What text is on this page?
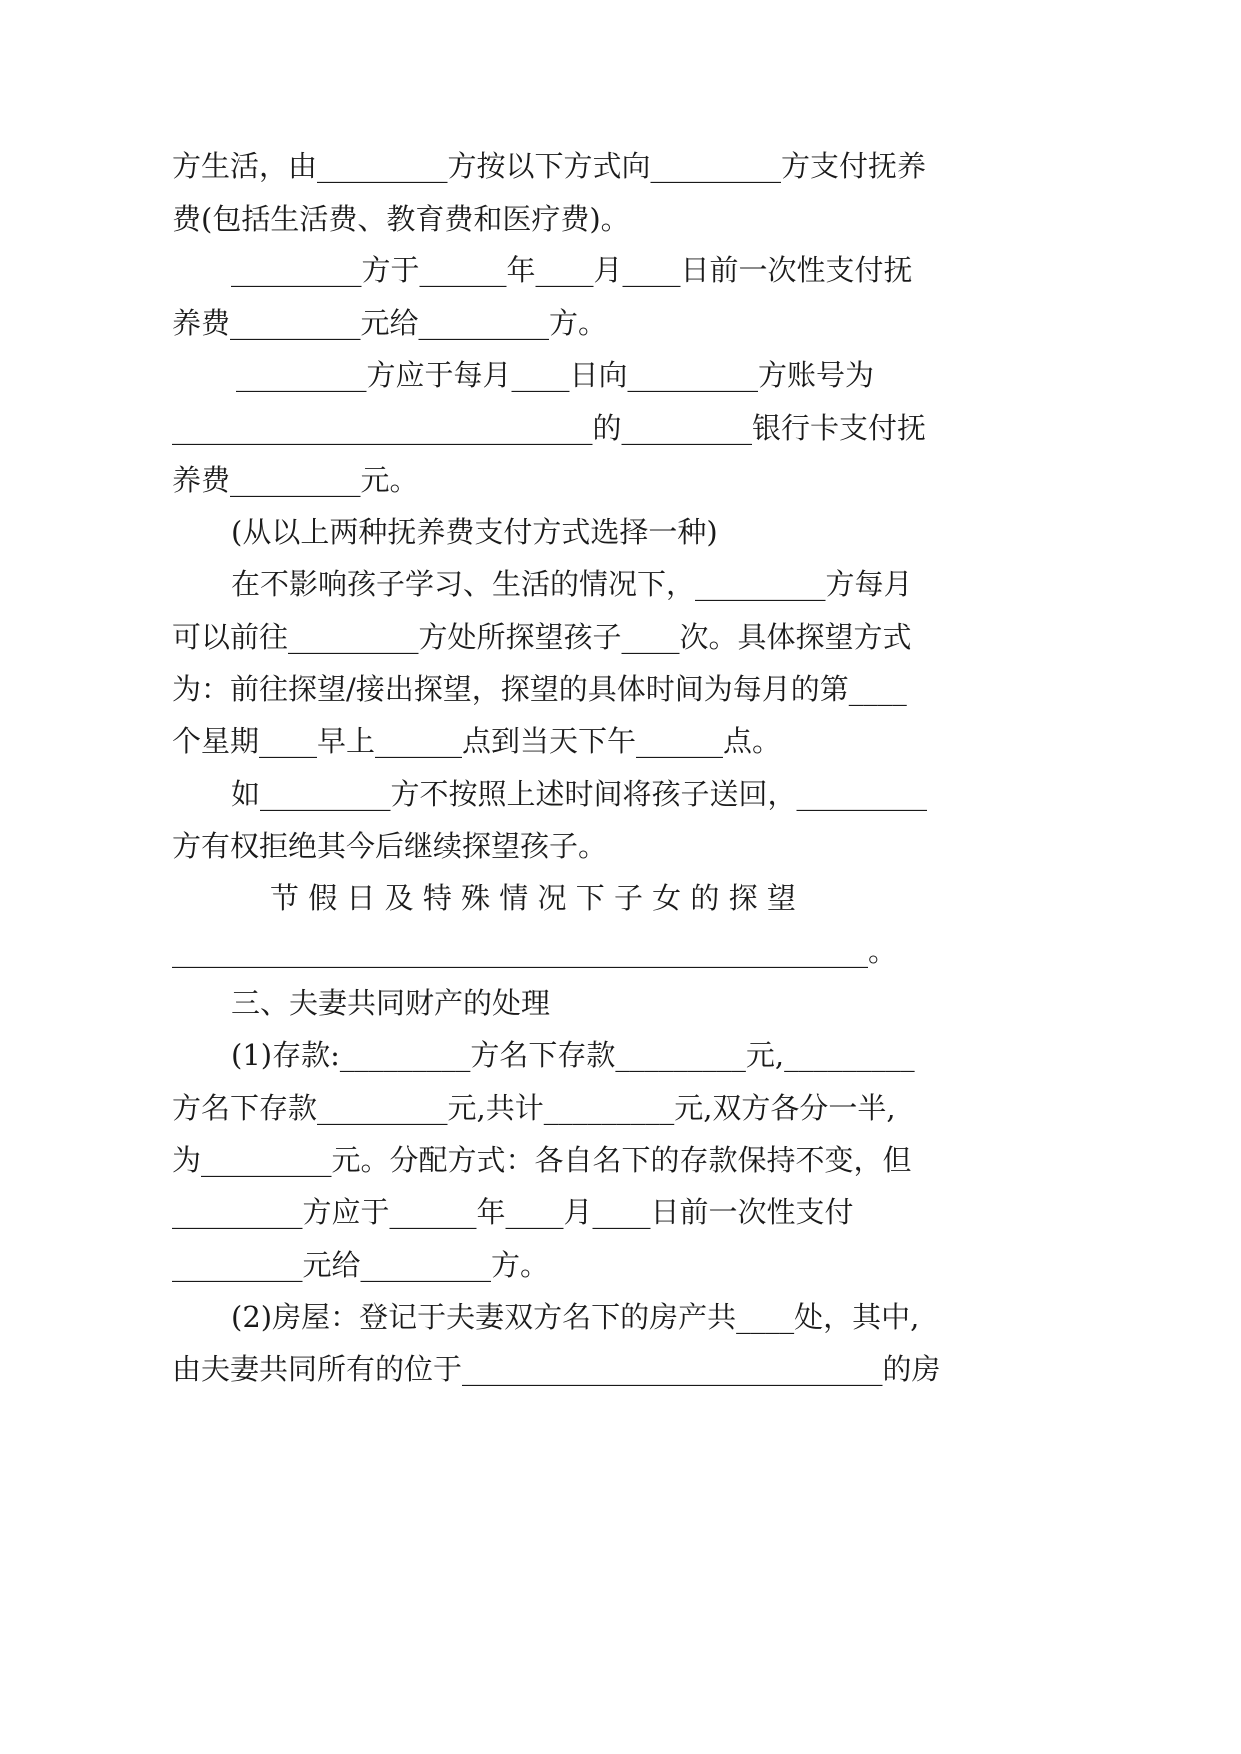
方生活，由_________方按以下方式向_________方支付抚养
费(包括生活费、教育费和医疗费)。
_________方于______年____月____日前一次性支付抚
养费_________元给_________方。
_________方应于每月____日向_________方账号为
_____________________________的_________银行卡支付抚
养费_________元。
(从以上两种抚养费支付方式选择一种)
在不影响孩子学习、生活的情况下，_________方每月
可以前往_________方处所探望孩子____次。具体探望方式
为：前往探望/接出探望，探望的具体时间为每月的第____
个星期____早上______点到当天下午______点。
如_________方不按照上述时间将孩子送回，_________
方有权拒绝其今后继续探望孩子。
节 假 日 及 特 殊 情 况 下 子 女 的 探 望
________________________________________________。
三、夫妻共同财产的处理
(1)存款:_________方名下存款_________元,_________
方名下存款_________元,共计_________元,双方各分一半,
为_________元。分配方式：各自名下的存款保持不变，但
_________方应于______年____月____日前一次性支付
_________元给_________方。
(2)房屋：登记于夫妻双方名下的房产共____处，其中,
由夫妻共同所有的位于_____________________________的房
